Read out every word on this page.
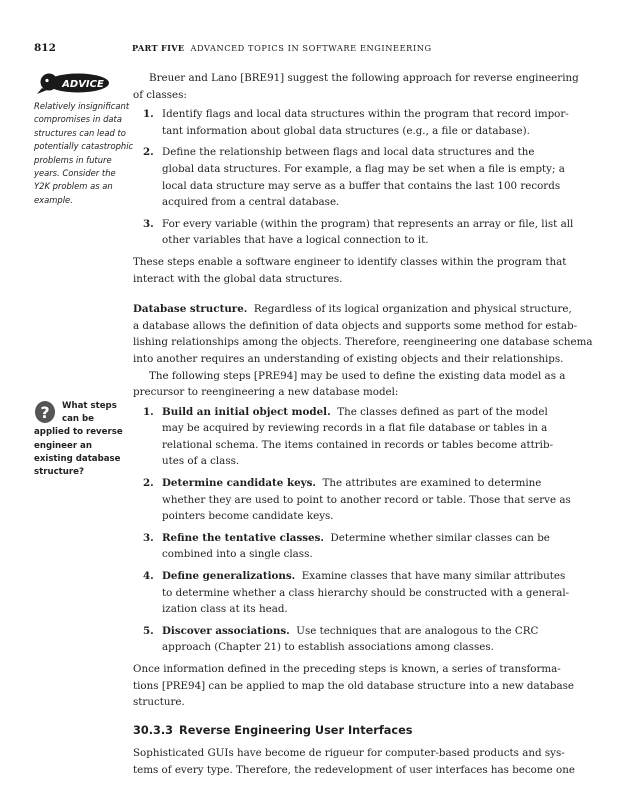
812	PART FIVE ADVANCED TOPICS IN SOFTWARE ENGINEERING
ADVICE
Relatively insignificant
compromises in data
structures can lead to
potentially catastrophic
problems in future
years. Consider the
Y2K problem as an
example.
?	What steps
can be
applied to reverse
engineer an
existing database
structure?

Breuer and Lano [BRE91] suggest the following approach for reverse engineering
of classes:

1. Identify flags and local data structures within the program that record impor-
tant information about global data structures (e.g., a file or database).
2. Define the relationship between flags and local data structures and the
global data structures. For example, a flag may be set when a file is empty; a
local data structure may serve as a buffer that contains the last 100 records
acquired from a central database.
3. For every variable (within the program) that represents an array or file, list all
other variables that have a logical connection to it.

These steps enable a software engineer to identify classes within the program that
interact with the global data structures.

Database structure. Regardless of its logical organization and physical structure,
a database allows the definition of data objects and supports some method for estab-
lishing relationships among the objects. Therefore, reengineering one database schema
into another requires an understanding of existing objects and their relationships.

The following steps [PRE94] may be used to define the existing data model as a
precursor to reengineering a new database model:

1. Build an initial object model. The classes defined as part of the model
may be acquired by reviewing records in a flat file database or tables in a
relational schema. The items contained in records or tables become attrib-
utes of a class.
2. Determine candidate keys. The attributes are examined to determine
whether they are used to point to another record or table. Those that serve as
pointers become candidate keys.
3. Refine the tentative classes. Determine whether similar classes can be
combined into a single class.
4. Define generalizations. Examine classes that have many similar attributes
to determine whether a class hierarchy should be constructed with a general-
ization class at its head.
5. Discover associations. Use techniques that are analogous to the CRC
approach (Chapter 21) to establish associations among classes.

Once information defined in the preceding steps is known, a series of transforma-
tions [PRE94] can be applied to map the old database structure into a new database
structure.

30.3.3 Reverse Engineering User Interfaces

Sophisticated GUIs have become de rigueur for computer-based products and sys-
tems of every type. Therefore, the redevelopment of user interfaces has become one
